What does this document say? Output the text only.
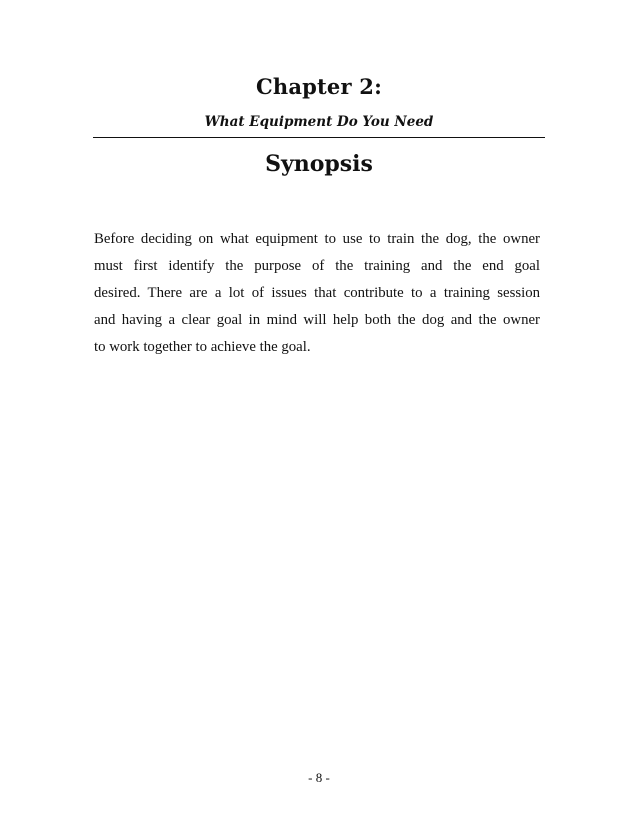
Chapter 2:
What Equipment Do You Need
Synopsis
Before deciding on what equipment to use to train the dog, the owner
must first identify the purpose of the training and the end goal
desired. There are a lot of issues that contribute to a training session
and having a clear goal in mind will help both the dog and the owner
to work together to achieve the goal.
- 8 -
